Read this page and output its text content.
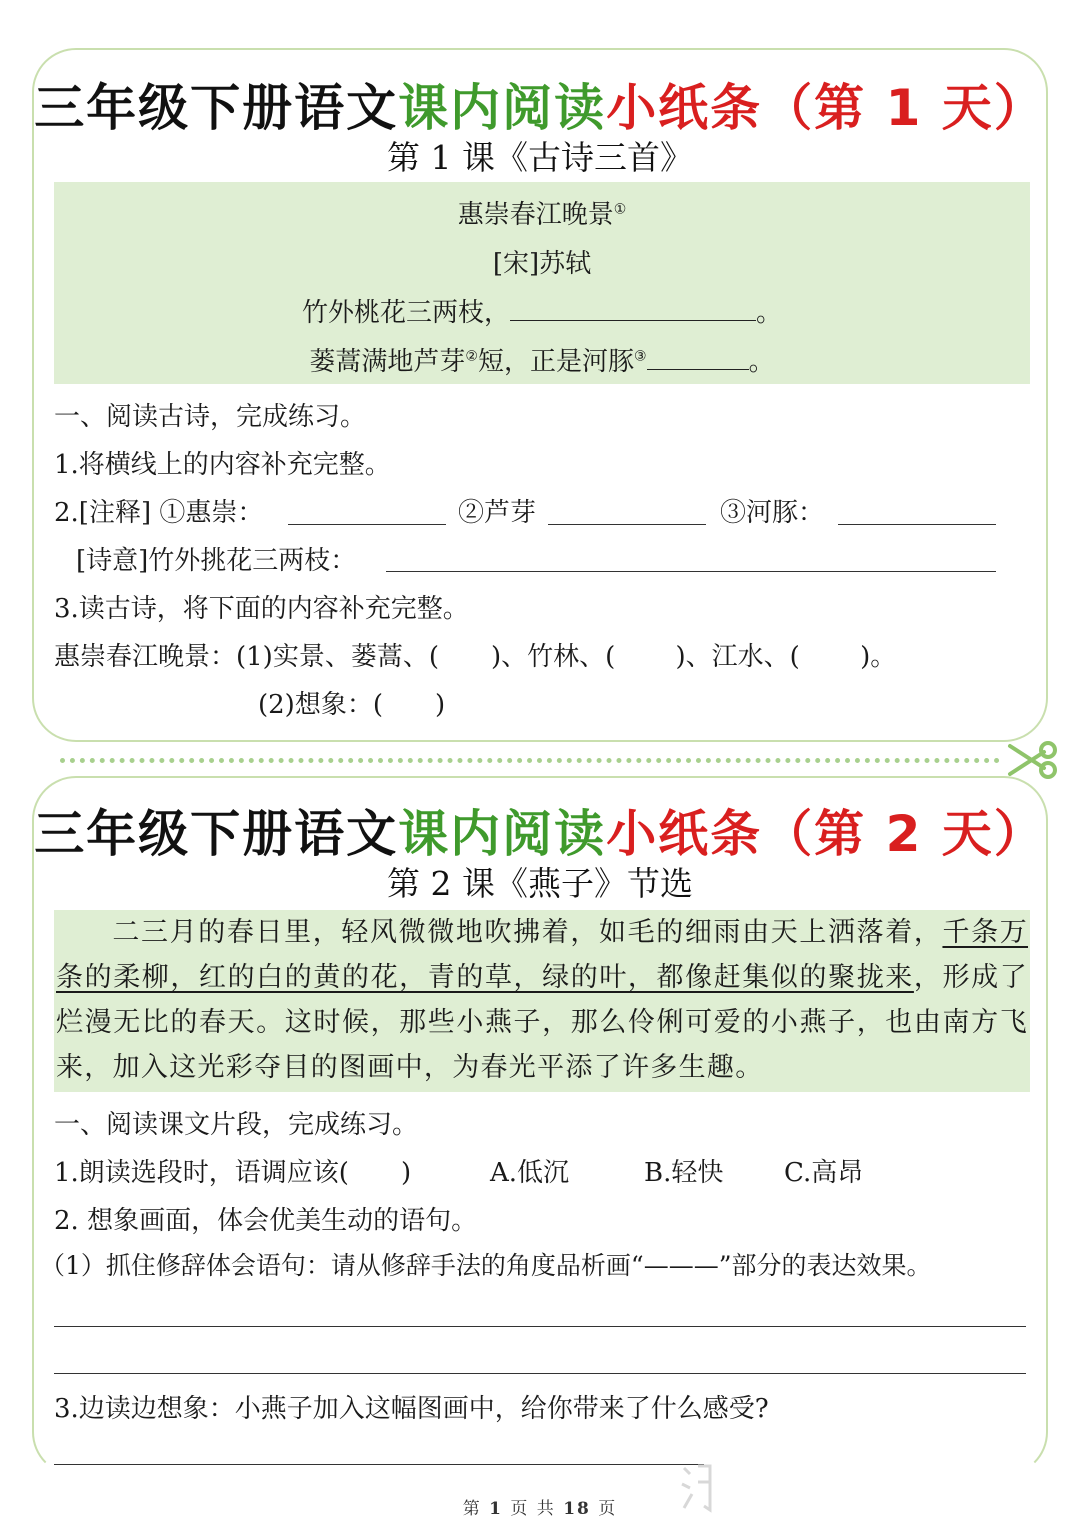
三年级下册语文课内阅读小纸条（第 1 天）
第 1 课《古诗三首》
惠崇春江晚景①
[宋]苏轼
竹外桃花三两枝，	。
蒌蒿满地芦芽②短，正是河豚③	。
一、阅读古诗，完成练习。
1.将横线上的内容补充完整。
2.[注释] ①惠崇：	②芦芽	③河豚：
[诗意]竹外挑花三两枝：
3.读古诗，将下面的内容补充完整。
惠崇春江晚景：(1)实景、蒌蒿、(　　)、竹林、(　　 )、江水、(　　 )。
(2)想象：(　　)
三年级下册语文课内阅读小纸条（第 2 天）
第 2 课《燕子》节选
二三月的春日里，轻风微微地吹拂着，如毛的细雨由天上洒落着，千条万条的柔柳，红的白的黄的花，青的草，绿的叶，都像赶集似的聚拢来，形成了烂漫无比的春天。这时候，那些小燕子，那么伶俐可爱的小燕子，也由南方飞来，加入这光彩夺目的图画中，为春光平添了许多生趣。
一、阅读课文片段，完成练习。
1.朗读选段时，语调应该(　　)	A.低沉	B.轻快 C.高昂
2. 想象画面，体会优美生动的语句。
（1）抓住修辞体会语句：请从修辞手法的角度品析画“———”部分的表达效果。
3.边读边想象：小燕子加入这幅图画中，给你带来了什么感受?
第 1 页 共 18 页
